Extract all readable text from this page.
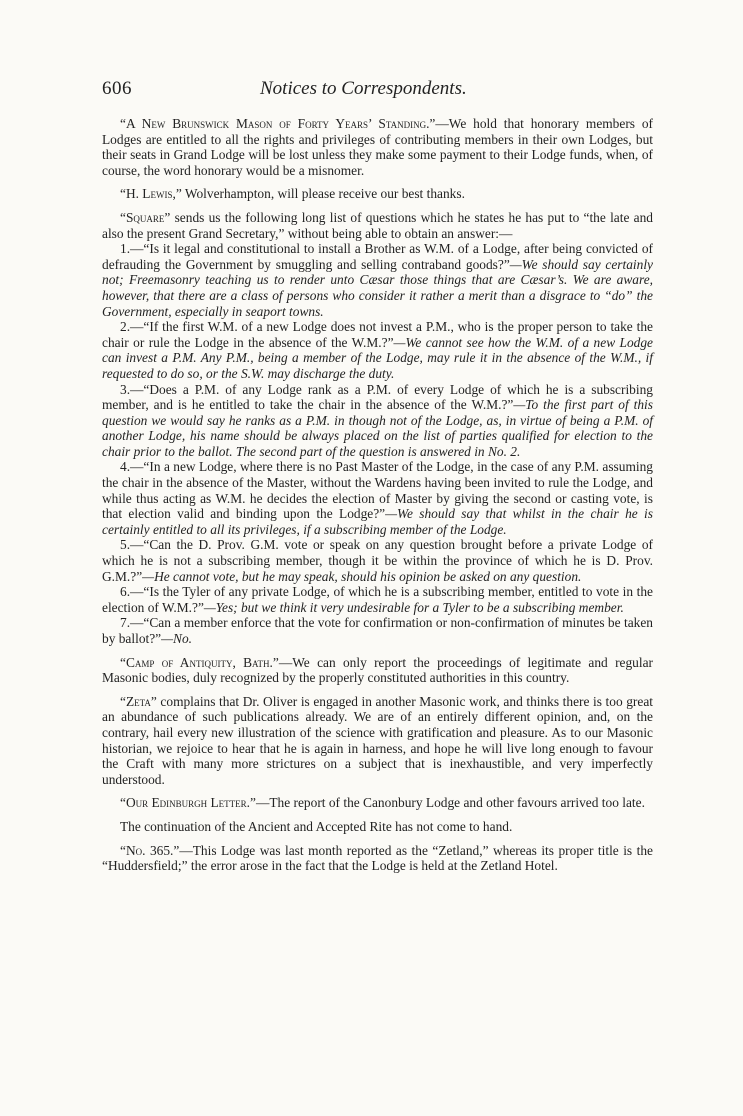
606	Notices to Correspondents.

“A New Brunswick Mason of Forty Years’ Standing.”—We hold that honorary members of Lodges are entitled to all the rights and privileges of contributing members in their own Lodges, but their seats in Grand Lodge will be lost unless they make some payment to their Lodge funds, when, of course, the word honorary would be a misnomer.

“H. Lewis,” Wolverhampton, will please receive our best thanks.

“Square” sends us the following long list of questions which he states he has put to “the late and also the present Grand Secretary,” without being able to obtain an answer:—

1.—“Is it legal and constitutional to install a Brother as W.M. of a Lodge, after being convicted of defrauding the Government by smuggling and selling contraband goods?”—We should say certainly not; Freemasonry teaching us to render unto Cæsar those things that are Cæsar’s. We are aware, however, that there are a class of persons who consider it rather a merit than a disgrace to “do” the Government, especially in seaport towns.

2.—“If the first W.M. of a new Lodge does not invest a P.M., who is the proper person to take the chair or rule the Lodge in the absence of the W.M.?”—We cannot see how the W.M. of a new Lodge can invest a P.M. Any P.M., being a member of the Lodge, may rule it in the absence of the W.M., if requested to do so, or the S.W. may discharge the duty.

3.—“Does a P.M. of any Lodge rank as a P.M. of every Lodge of which he is a subscribing member, and is he entitled to take the chair in the absence of the W.M.?”—To the first part of this question we would say he ranks as a P.M. in though not of the Lodge, as, in virtue of being a P.M. of another Lodge, his name should be always placed on the list of parties qualified for election to the chair prior to the ballot. The second part of the question is answered in No. 2.

4.—“In a new Lodge, where there is no Past Master of the Lodge, in the case of any P.M. assuming the chair in the absence of the Master, without the Wardens having been invited to rule the Lodge, and while thus acting as W.M. he decides the election of Master by giving the second or casting vote, is that election valid and binding upon the Lodge?”—We should say that whilst in the chair he is certainly entitled to all its privileges, if a subscribing member of the Lodge.

5.—“Can the D. Prov. G.M. vote or speak on any question brought before a private Lodge of which he is not a subscribing member, though it be within the province of which he is D. Prov. G.M.?”—He cannot vote, but he may speak, should his opinion be asked on any question.

6.—“Is the Tyler of any private Lodge, of which he is a subscribing member, entitled to vote in the election of W.M.?”—Yes; but we think it very undesirable for a Tyler to be a subscribing member.

7.—“Can a member enforce that the vote for confirmation or non-confirmation of minutes be taken by ballot?”—No.

“Camp of Antiquity, Bath.”—We can only report the proceedings of legitimate and regular Masonic bodies, duly recognized by the properly constituted authorities in this country.

“Zeta” complains that Dr. Oliver is engaged in another Masonic work, and thinks there is too great an abundance of such publications already. We are of an entirely different opinion, and, on the contrary, hail every new illustration of the science with gratification and pleasure. As to our Masonic historian, we rejoice to hear that he is again in harness, and hope he will live long enough to favour the Craft with many more strictures on a subject that is inexhaustible, and very imperfectly understood.

“Our Edinburgh Letter.”—The report of the Canonbury Lodge and other favours arrived too late.

The continuation of the Ancient and Accepted Rite has not come to hand.

“No. 365.”—This Lodge was last month reported as the “Zetland,” whereas its proper title is the “Huddersfield;” the error arose in the fact that the Lodge is held at the Zetland Hotel.
